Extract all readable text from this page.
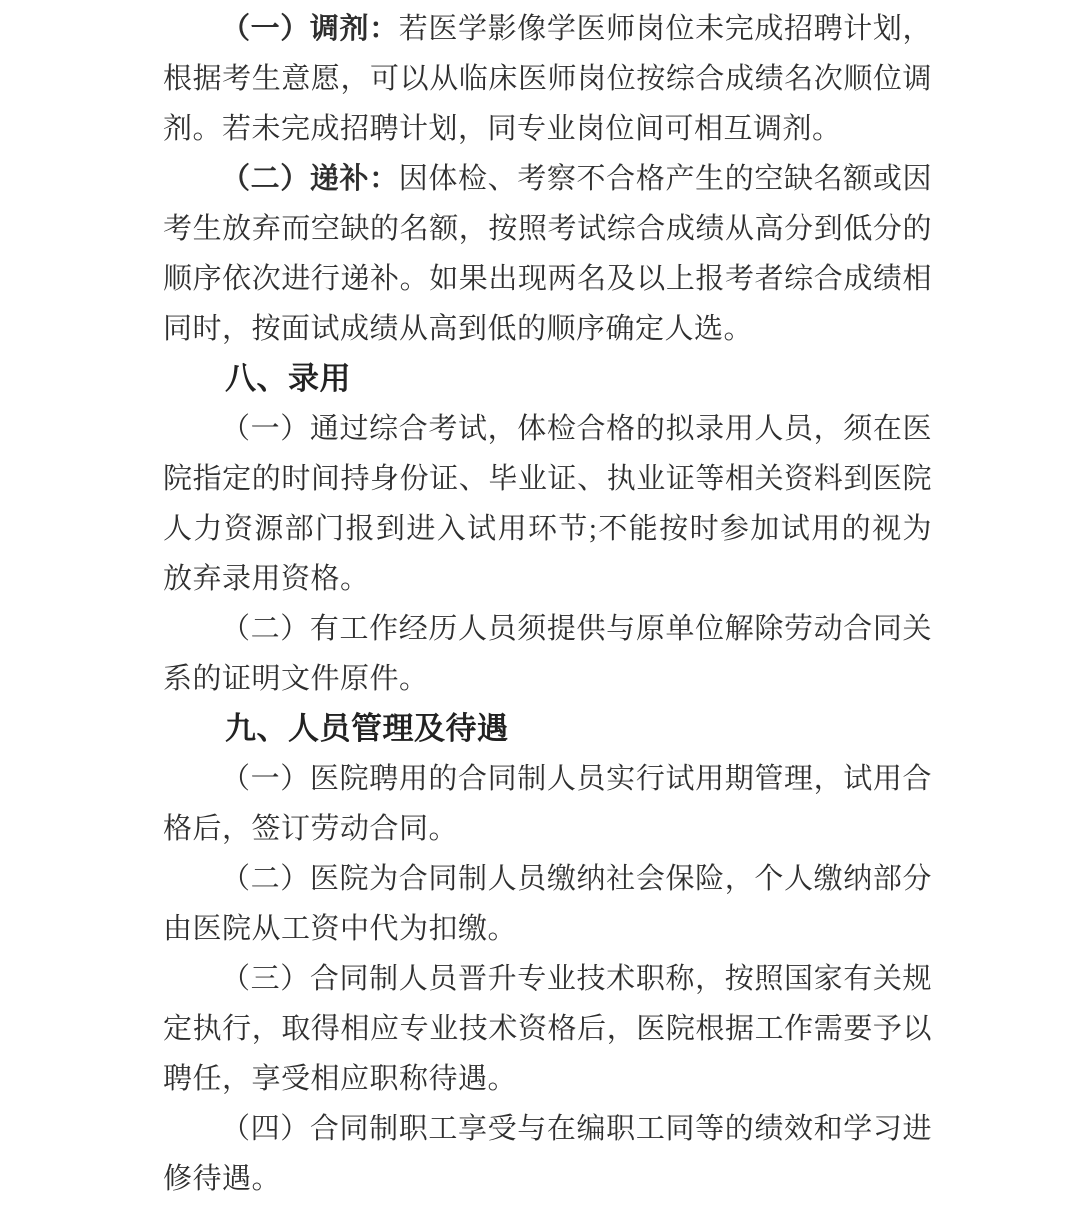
（一）调剂：若医学影像学医师岗位未完成招聘计划，根据考生意愿，可以从临床医师岗位按综合成绩名次顺位调剂。若未完成招聘计划，同专业岗位间可相互调剂。

（二）递补：因体检、考察不合格产生的空缺名额或因考生放弃而空缺的名额，按照考试综合成绩从高分到低分的顺序依次进行递补。如果出现两名及以上报考者综合成绩相同时，按面试成绩从高到低的顺序确定人选。

八、录用

（一）通过综合考试，体检合格的拟录用人员，须在医院指定的时间持身份证、毕业证、执业证等相关资料到医院人力资源部门报到进入试用环节;不能按时参加试用的视为放弃录用资格。

（二）有工作经历人员须提供与原单位解除劳动合同关系的证明文件原件。

九、人员管理及待遇

（一）医院聘用的合同制人员实行试用期管理，试用合格后，签订劳动合同。

（二）医院为合同制人员缴纳社会保险，个人缴纳部分由医院从工资中代为扣缴。

（三）合同制人员晋升专业技术职称，按照国家有关规定执行，取得相应专业技术资格后，医院根据工作需要予以聘任，享受相应职称待遇。

（四）合同制职工享受与在编职工同等的绩效和学习进修待遇。
